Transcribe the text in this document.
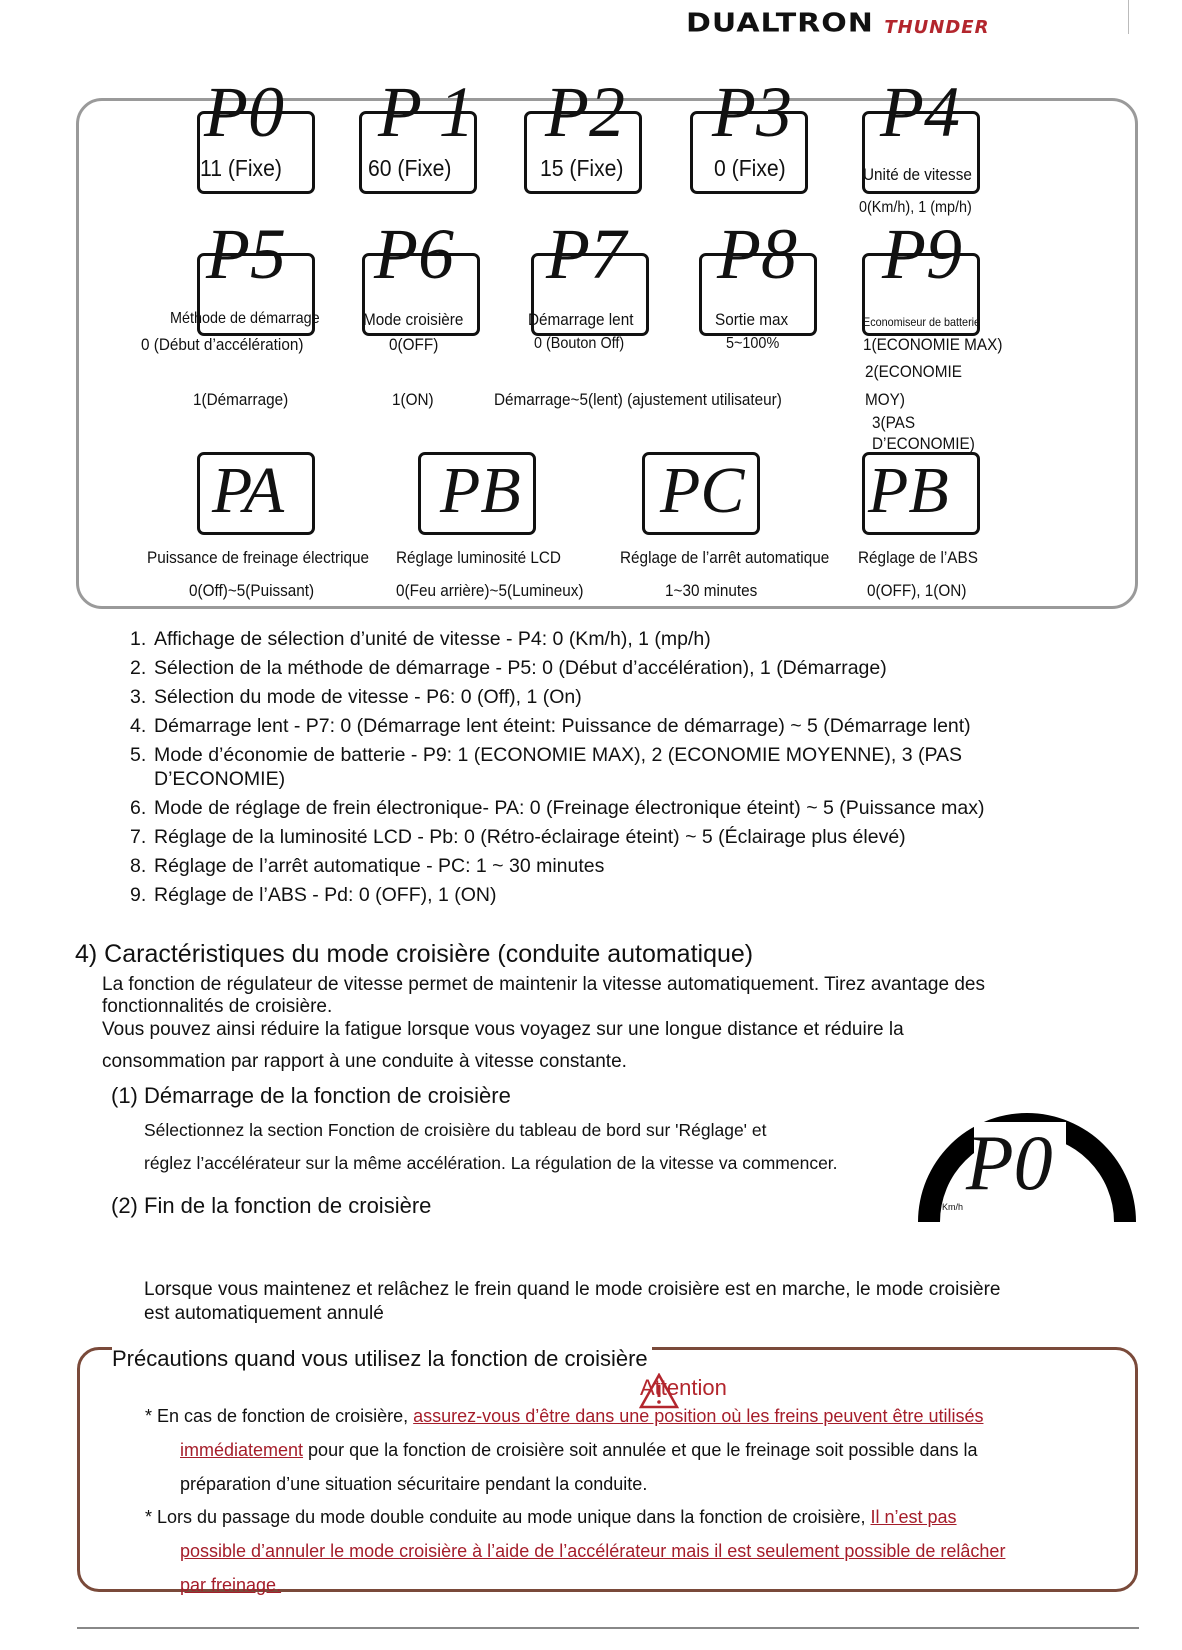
DUALTRON THUNDER
P0
11 (Fixe)
P 1
60 (Fixe)
P2
15 (Fixe)
P3
0 (Fixe)
P4
Unité de vitesse
0(Km/h), 1 (mp/h)
P5
Méthode de démarrage
0 (Début d’accélération)
1(Démarrage)
P6
Mode croisière
0(OFF)
1(ON)
P7
Démarrage lent
0 (Bouton Off)
Démarrage~5(lent) (ajustement utilisateur)
P8
Sortie max
5~100%
P9
Economiseur de batterie
1(ECONOMIE MAX)
2(ECONOMIE
MOY)
3(PAS
D’ECONOMIE)
PA
Puissance de freinage électrique
0(Off)~5(Puissant)
PB
Réglage luminosité LCD
0(Feu arrière)~5(Lumineux)
PC
Réglage de l’arrêt automatique
1~30 minutes
PB
Réglage de l’ABS
0(OFF), 1(ON)
1. Affichage de sélection d’unité de vitesse - P4: 0 (Km/h), 1 (mp/h)
2. Sélection de la méthode de démarrage - P5: 0 (Début d’accélération), 1 (Démarrage)
3. Sélection du mode de vitesse - P6: 0 (Off), 1 (On)
4. Démarrage lent - P7: 0 (Démarrage lent éteint: Puissance de démarrage) ~ 5 (Démarrage lent)
5. Mode d’économie de batterie - P9: 1 (ECONOMIE MAX), 2 (ECONOMIE MOYENNE), 3 (PAS D’ECONOMIE)
6. Mode de réglage de frein électronique- PA: 0 (Freinage électronique éteint) ~ 5 (Puissance max)
7. Réglage de la luminosité LCD - Pb: 0 (Rétro-éclairage éteint) ~ 5 (Éclairage plus élevé)
8. Réglage de l’arrêt automatique - PC: 1 ~ 30 minutes
9. Réglage de l’ABS - Pd: 0 (OFF), 1 (ON)
4) Caractéristiques du mode croisière (conduite automatique)
La fonction de régulateur de vitesse permet de maintenir la vitesse automatiquement. Tirez avantage des
fonctionnalités de croisière.
Vous pouvez ainsi réduire la fatigue lorsque vous voyagez sur une longue distance et réduire la
consommation par rapport à une conduite à vitesse constante.
(1) Démarrage de la fonction de croisière
Sélectionnez la section Fonction de croisière du tableau de bord sur 'Réglage' et
réglez l’accélérateur sur la même accélération. La régulation de la vitesse va commencer.
(2) Fin de la fonction de croisière
Lorsque vous maintenez et relâchez le frein quand le mode croisière est en marche, le mode croisière
est automatiquement annulé
Km/h
P0
Précautions quand vous utilisez la fonction de croisière
Attention
* En cas de fonction de croisière, assurez-vous d’être dans une position où les freins peuvent être utilisés
immédiatement pour que la fonction de croisière soit annulée et que le freinage soit possible dans la
préparation d’une situation sécuritaire pendant la conduite.
* Lors du passage du mode double conduite au mode unique dans la fonction de croisière, Il n’est pas
possible d’annuler le mode croisière à l’aide de l’accélérateur mais il est seulement possible de relâcher
par freinage.
